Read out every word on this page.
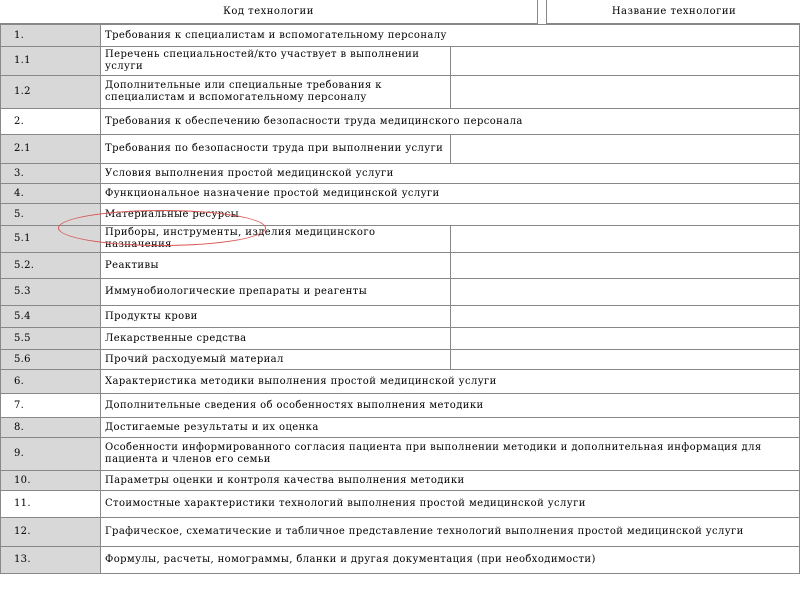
Код технологии	Название технологии
1.	Требования к специалистам и вспомогательному персоналу	
1.1	Перечень специальностей/кто участвует в выполнении услуги	
1.2	Дополнительные или специальные требования к специалистам и вспомогательному персоналу	
2.	Требования к обеспечению безопасности труда медицинского персонала	
2.1	Требования по безопасности труда при выполнении услуги	
3.	Условия выполнения простой медицинской услуги	
4.	Функциональное назначение простой медицинской услуги	
5.	Материальные ресурсы	
5.1	Приборы, инструменты, изделия медицинского назначения	
5.2.	Реактивы	
5.3	Иммунобиологические препараты и реагенты	
5.4	Продукты крови	
5.5	Лекарственные средства	
5.6	Прочий расходуемый материал	
6.	Характеристика методики выполнения простой медицинской услуги	
7.	Дополнительные сведения об особенностях выполнения методики	
8.	Достигаемые результаты и их оценка	
9.	Особенности информированного согласия пациента при выполнении методики и дополнительная информация для пациента и членов его семьи	
10.	Параметры оценки и контроля качества выполнения методики	
11.	Стоимостные характеристики технологий выполнения простой медицинской услуги	
12.	Графическое, схематические и табличное представление технологий выполнения простой медицинской услуги	
13.	Формулы, расчеты, номограммы, бланки и другая документация (при необходимости)	
